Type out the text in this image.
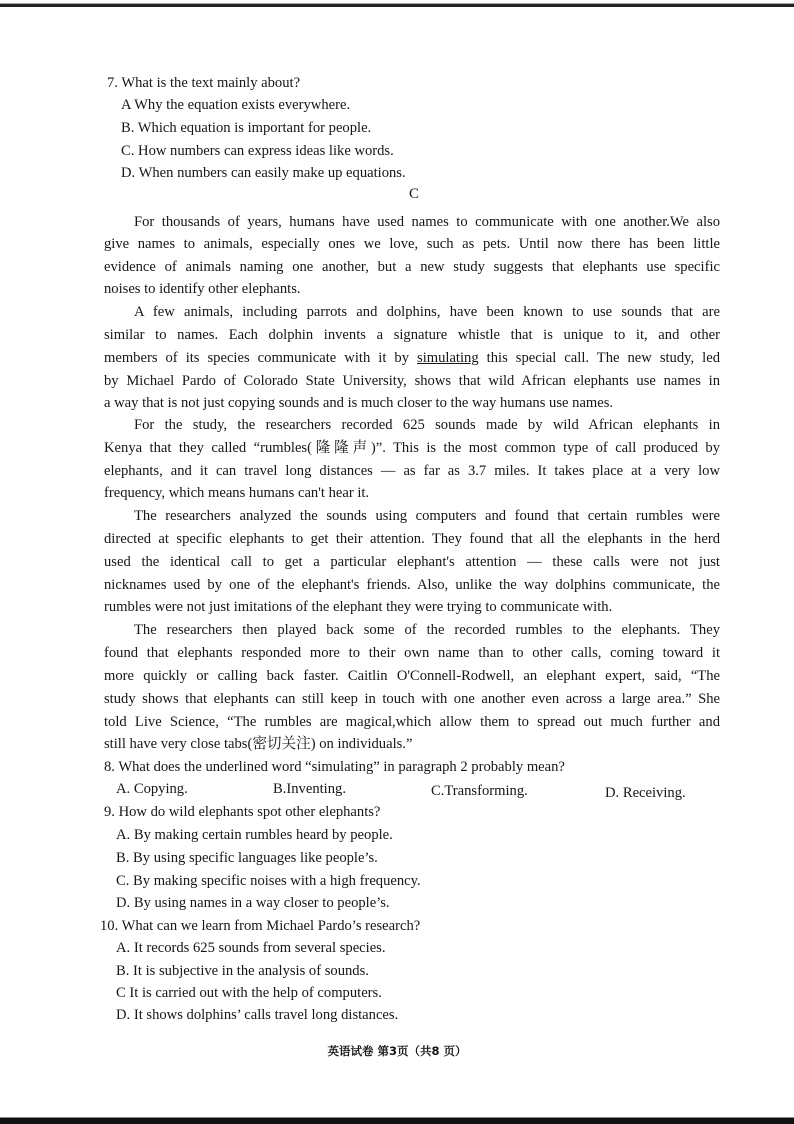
7. What is the text mainly about?
A Why the equation exists everywhere.
B. Which equation is important for people.
C. How numbers can express ideas like words.
D. When numbers can easily make up equations.
C
For thousands of years, humans have used names to communicate with one another.We also
give names to animals, especially ones we love, such as pets. Until now there has been little
evidence of animals naming one another, but a new study suggests that elephants use specific
noises to identify other elephants.
A few animals, including parrots and dolphins, have been known to use sounds that are
similar to names. Each dolphin invents a signature whistle that is unique to it, and other
members of its species communicate with it by simulating this special call. The new study, led
by Michael Pardo of Colorado State University, shows that wild African elephants use names in
a way that is not just copying sounds and is much closer to the way humans use names.
For the study, the researchers recorded 625 sounds made by wild African elephants in
Kenya that they called “rumbles(隆隆声)”. This is the most common type of call produced by
elephants, and it can travel long distances — as far as 3.7 miles. It takes place at a very low
frequency, which means humans can't hear it.
The researchers analyzed the sounds using computers and found that certain rumbles were
directed at specific elephants to get their attention. They found that all the elephants in the herd
used the identical call to get a particular elephant's attention — these calls were not just
nicknames used by one of the elephant's friends. Also, unlike the way dolphins communicate, the
rumbles were not just imitations of the elephant they were trying to communicate with.
The researchers then played back some of the recorded rumbles to the elephants. They
found that elephants responded more to their own name than to other calls, coming toward it
more quickly or calling back faster. Caitlin O'Connell-Rodwell, an elephant expert, said, “The
study shows that elephants can still keep in touch with one another even across a large area.” She
told Live Science, “The rumbles are magical,which allow them to spread out much further and
still have very close tabs(密切关注) on individuals.”
8. What does the underlined word “simulating” in paragraph 2 probably mean?
A. Copying.	B.Inventing.	C.Transforming.	D. Receiving.
9. How do wild elephants spot other elephants?
A. By making certain rumbles heard by people.
B. By using specific languages like people’s.
C. By making specific noises with a high frequency.
D. By using names in a way closer to people’s.
10. What can we learn from Michael Pardo’s research?
A. It records 625 sounds from several species.
B. It is subjective in the analysis of sounds.
C It is carried out with the help of computers.
D. It shows dolphins’ calls travel long distances.
英语试卷 第3页（共8 页）
